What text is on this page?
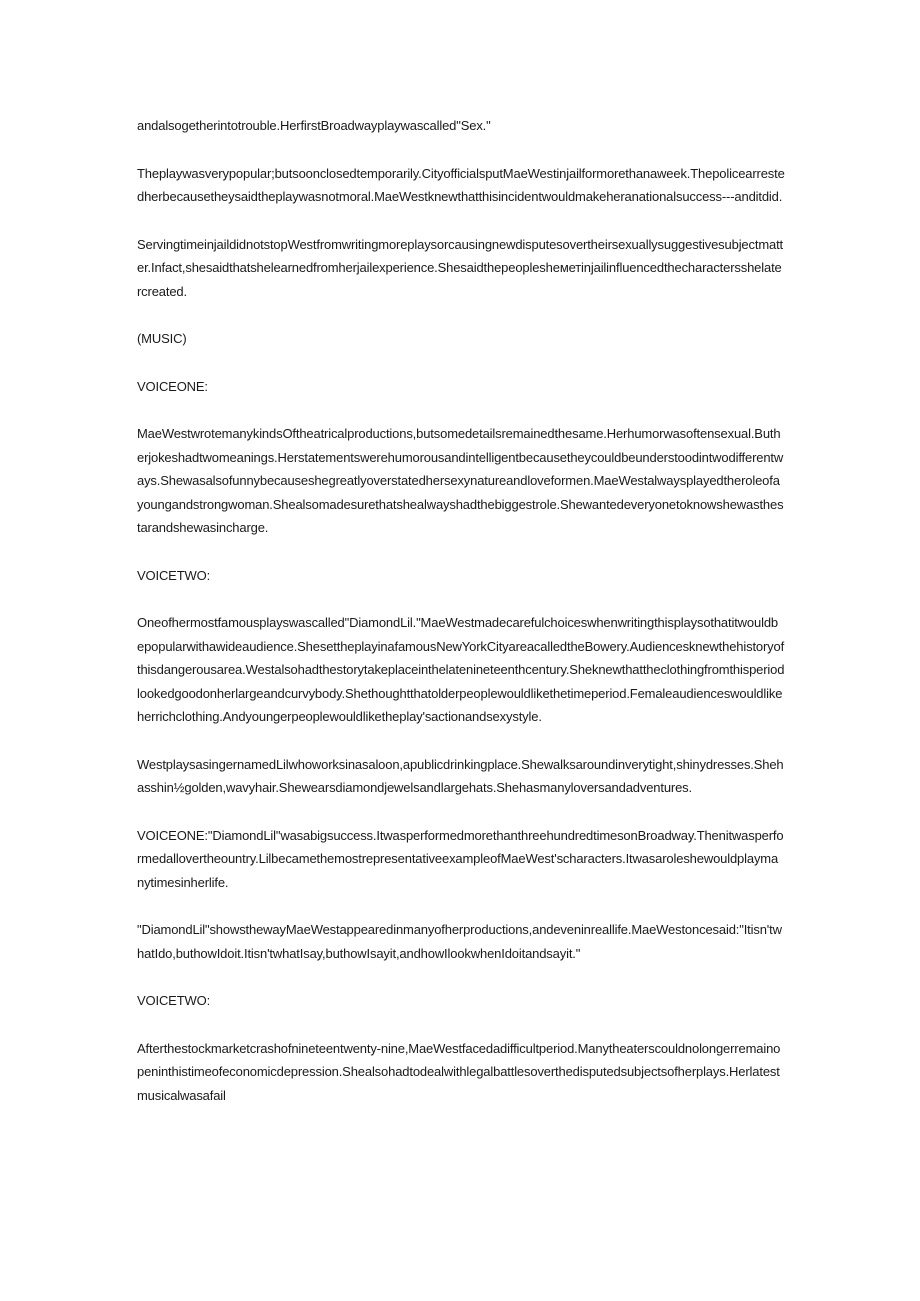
andalsogetherintotrouble.HerfirstBroadwayplaywascalled"Sex."

Theplaywasverypopular;butsoonclosedtemporarily.CityofficialsputMaeWestinjailformorethanaweek.Thepolicearrestedherbecausetheysaidtheplaywasnotmoral.MaeWestknewthatthisincidentwouldmakeheranationalsuccess---anditdid.

ServingtimeinjaildidnotstopWestfromwritingmoreplaysorcausingnewdisputesovertheirsexuallysuggestivesubjectmatter.Infact,shesaidthatshelearnedfromherjailexperience.Shesaidthepeoplesheметinjailinfluencedthecharactersshelatercreated.

(MUSIC)

VOICEONE:

MaeWestwrotemanykindsOftheatricalproductions,butsomedetailsremainedthesame.Herhumorwasoftensexual.Butherjokeshadtwomeanings.Herstatementswerehumorousandintelligentbecausetheycouldbeunderstoodintwodifferentways.Shewasalsofunnybecauseshegreatlyoverstatedhersexynatureandloveformen.MaeWestalwaysplayedtheroleofayoungandstrongwoman.Shealsomadesurethatshealwayshadthebiggestrole.Shewantedeveryonetoknowshewasthestarandshewasincharge.

VOICETWO:

Oneofhermostfamousplayswascalled"DiamondLil."MaeWestmadecarefulchoiceswhenwritingthisplaysothatitwouldbepopularwithawideaudience.ShesettheplayinafamousNewYorkCityareacalledtheBowery.Audiencesknewthehistoryofthisdangerousarea.Westalsohadthestorytakeplaceinthelatenineteenthcentury.Sheknewthattheclothingfromthisperiodlookedgoodonherlargeandcurvybody.Shethoughtthatolderpeoplewouldlikethetimeperiod.Femaleaudienceswouldlikeherrichclothing.Andyoungerpeoplewouldliketheplay'sactionandsexystyle.

WestplaysasingernamedLilwhoworksinasaloon,apublicdrinkingplace.Shewalksaroundinverytight,shinydresses.Shehasshin½golden,wavyhair.Shewearsdiamondjewelsandlargehats.Shehasmanyloversandadventures.

VOICEONE:"DiamondLil"wasabigsuccess.ItwasperformedmorethanthreehundredtimesonBroadway.Thenitwasperformedallovertheountry.LilbecamethemostrepresentativeexampleofMaeWest'scharacters.Itwasaroleshewouldplaymanytimesinherlife.

"DiamondLil"showsthewayMaeWestappearedinmanyofherproductions,andeveninreallife.MaeWestoncesaid:"Itisn'twhatIdo,buthowIdoit.Itisn'twhatIsay,buthowIsayit,andhowIlookwhenIdoitandsayit."

VOICETWO:

Afterthestockmarketcrashofnineteentwenty-nine,MaeWestfacedadifficultperiod.Manytheaterscouldnolongerremainopeninthistimeofeconomicdepression.Shealsohadtodealwithlegalbattlesoverthedisputedsubjectsofherplays.Herlatestmusicalwasafail
